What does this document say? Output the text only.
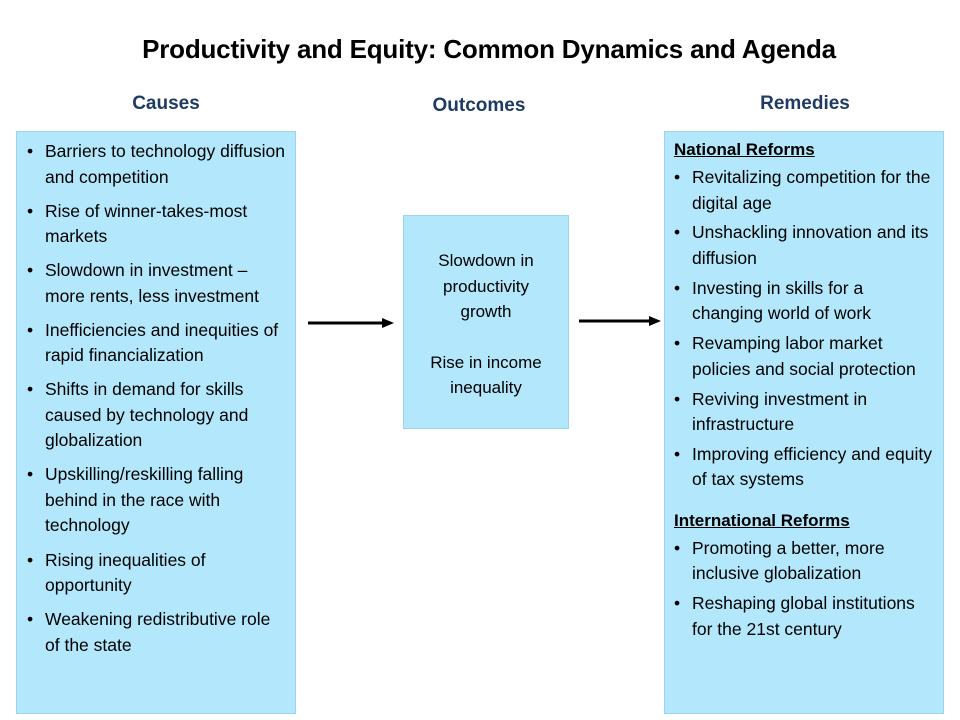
Productivity and Equity: Common Dynamics and Agenda
Causes	Outcomes	Remedies
• Barriers to technology diffusion and competition
• Rise of winner-takes-most markets
• Slowdown in investment – more rents, less investment
• Inefficiencies and inequities of rapid financialization
• Shifts in demand for skills caused by technology and globalization
• Upskilling/reskilling falling behind in the race with technology
• Rising inequalities of opportunity
• Weakening redistributive role of the state
Slowdown in
productivity
growth
Rise in income
inequality
National Reforms
• Revitalizing competition for the digital age
• Unshackling innovation and its diffusion
• Investing in skills for a changing world of work
• Revamping labor market policies and social protection
• Reviving investment in infrastructure
• Improving efficiency and equity of tax systems
International Reforms
• Promoting a better, more inclusive globalization
• Reshaping global institutions for the 21st century
